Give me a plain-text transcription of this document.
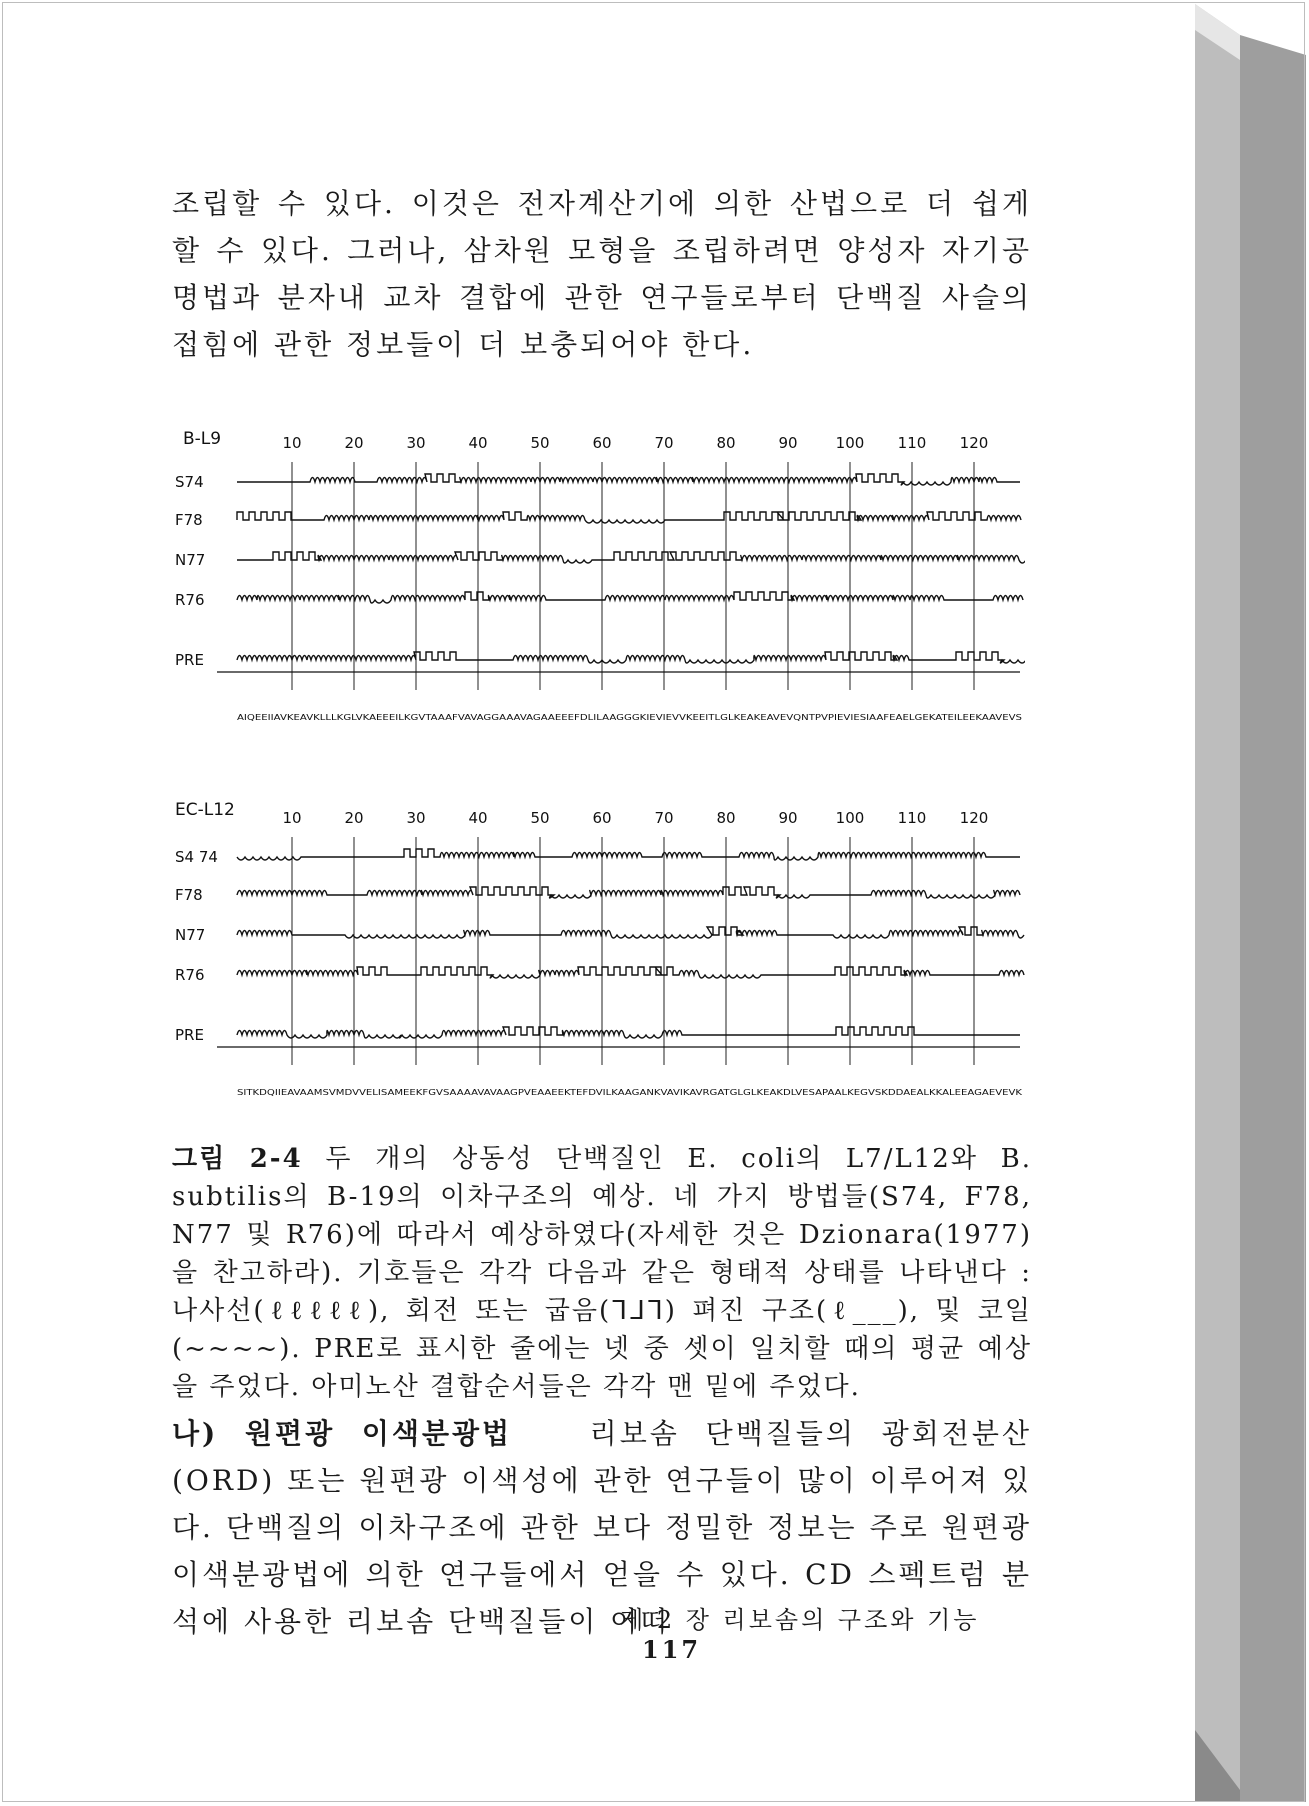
조립할 수 있다. 이것은 전자계산기에 의한 산법으로 더 쉽게 할 수 있다. 그러나, 삼차원 모형을 조립하려면 양성자 자기공명법과 분자내 교차 결합에 관한 연구들로부터 단백질 사슬의 접힘에 관한 정보들이 더 보충되어야 한다.

B-L9	10	20	30	40	50	60	70	80	90	100 110 120
S74
F78
N77
R76
PRE
AIQEEIIAVKEAVKLLLKGLVKAEEEILKGVTAAAFVAVAGGAAAVAGAAEEEFDLILAAGGGKIEVIEVVKEEITLGLKEAKEAVEVQNTPVPIEVIESIAAFEAELGEKATEILEEKAAVEVS
EC-L12	10	20	30	40	50	60	70	80	90	100 110 120
S4 74
F78
N77
R76
PRE
SITKDQIIEAVAAMSVMDVVELISAMEEKFGVSAAAAVAVAAGPVEAAEEKTEFDVILKAAGANKVAVIKAVRGATGLGLKEAKDLVESAPAALKEGVSKDDAEALKKALEEAGAEVEVK

그림 2-4 두 개의 상동성 단백질인 E. coli의 L7/L12와 B. subtilis의 B-19의 이차구조의 예상. 네 가지 방법들(S74, F78, N77 및 R76)에 따라서 예상하였다(자세한 것은 Dzionara(1977)을 찬고하라). 기호들은 각각 다음과 같은 형태적 상태를 나타낸다 : 나사선(ℓℓℓℓℓ), 회전 또는 굽음(ᒣᒧᒣ) 펴진 구조(ℓ___), 및 코일(~~~~). PRE로 표시한 줄에는 넷 중 셋이 일치할 때의 평균 예상을 주었다. 아미노산 결합순서들은 각각 맨 밑에 주었다.

나) 원편광 이색분광법	리보솜 단백질들의 광회전분산(ORD) 또는 원편광 이색성에 관한 연구들이 많이 이루어져 있다. 단백질의 이차구조에 관한 보다 정밀한 정보는 주로 원편광 이색분광법에 의한 연구들에서 얻을 수 있다. CD 스펙트럼 분석에 사용한 리보솜 단백질들이 어떠

제 2 장 리보솜의 구조와 기능 117
